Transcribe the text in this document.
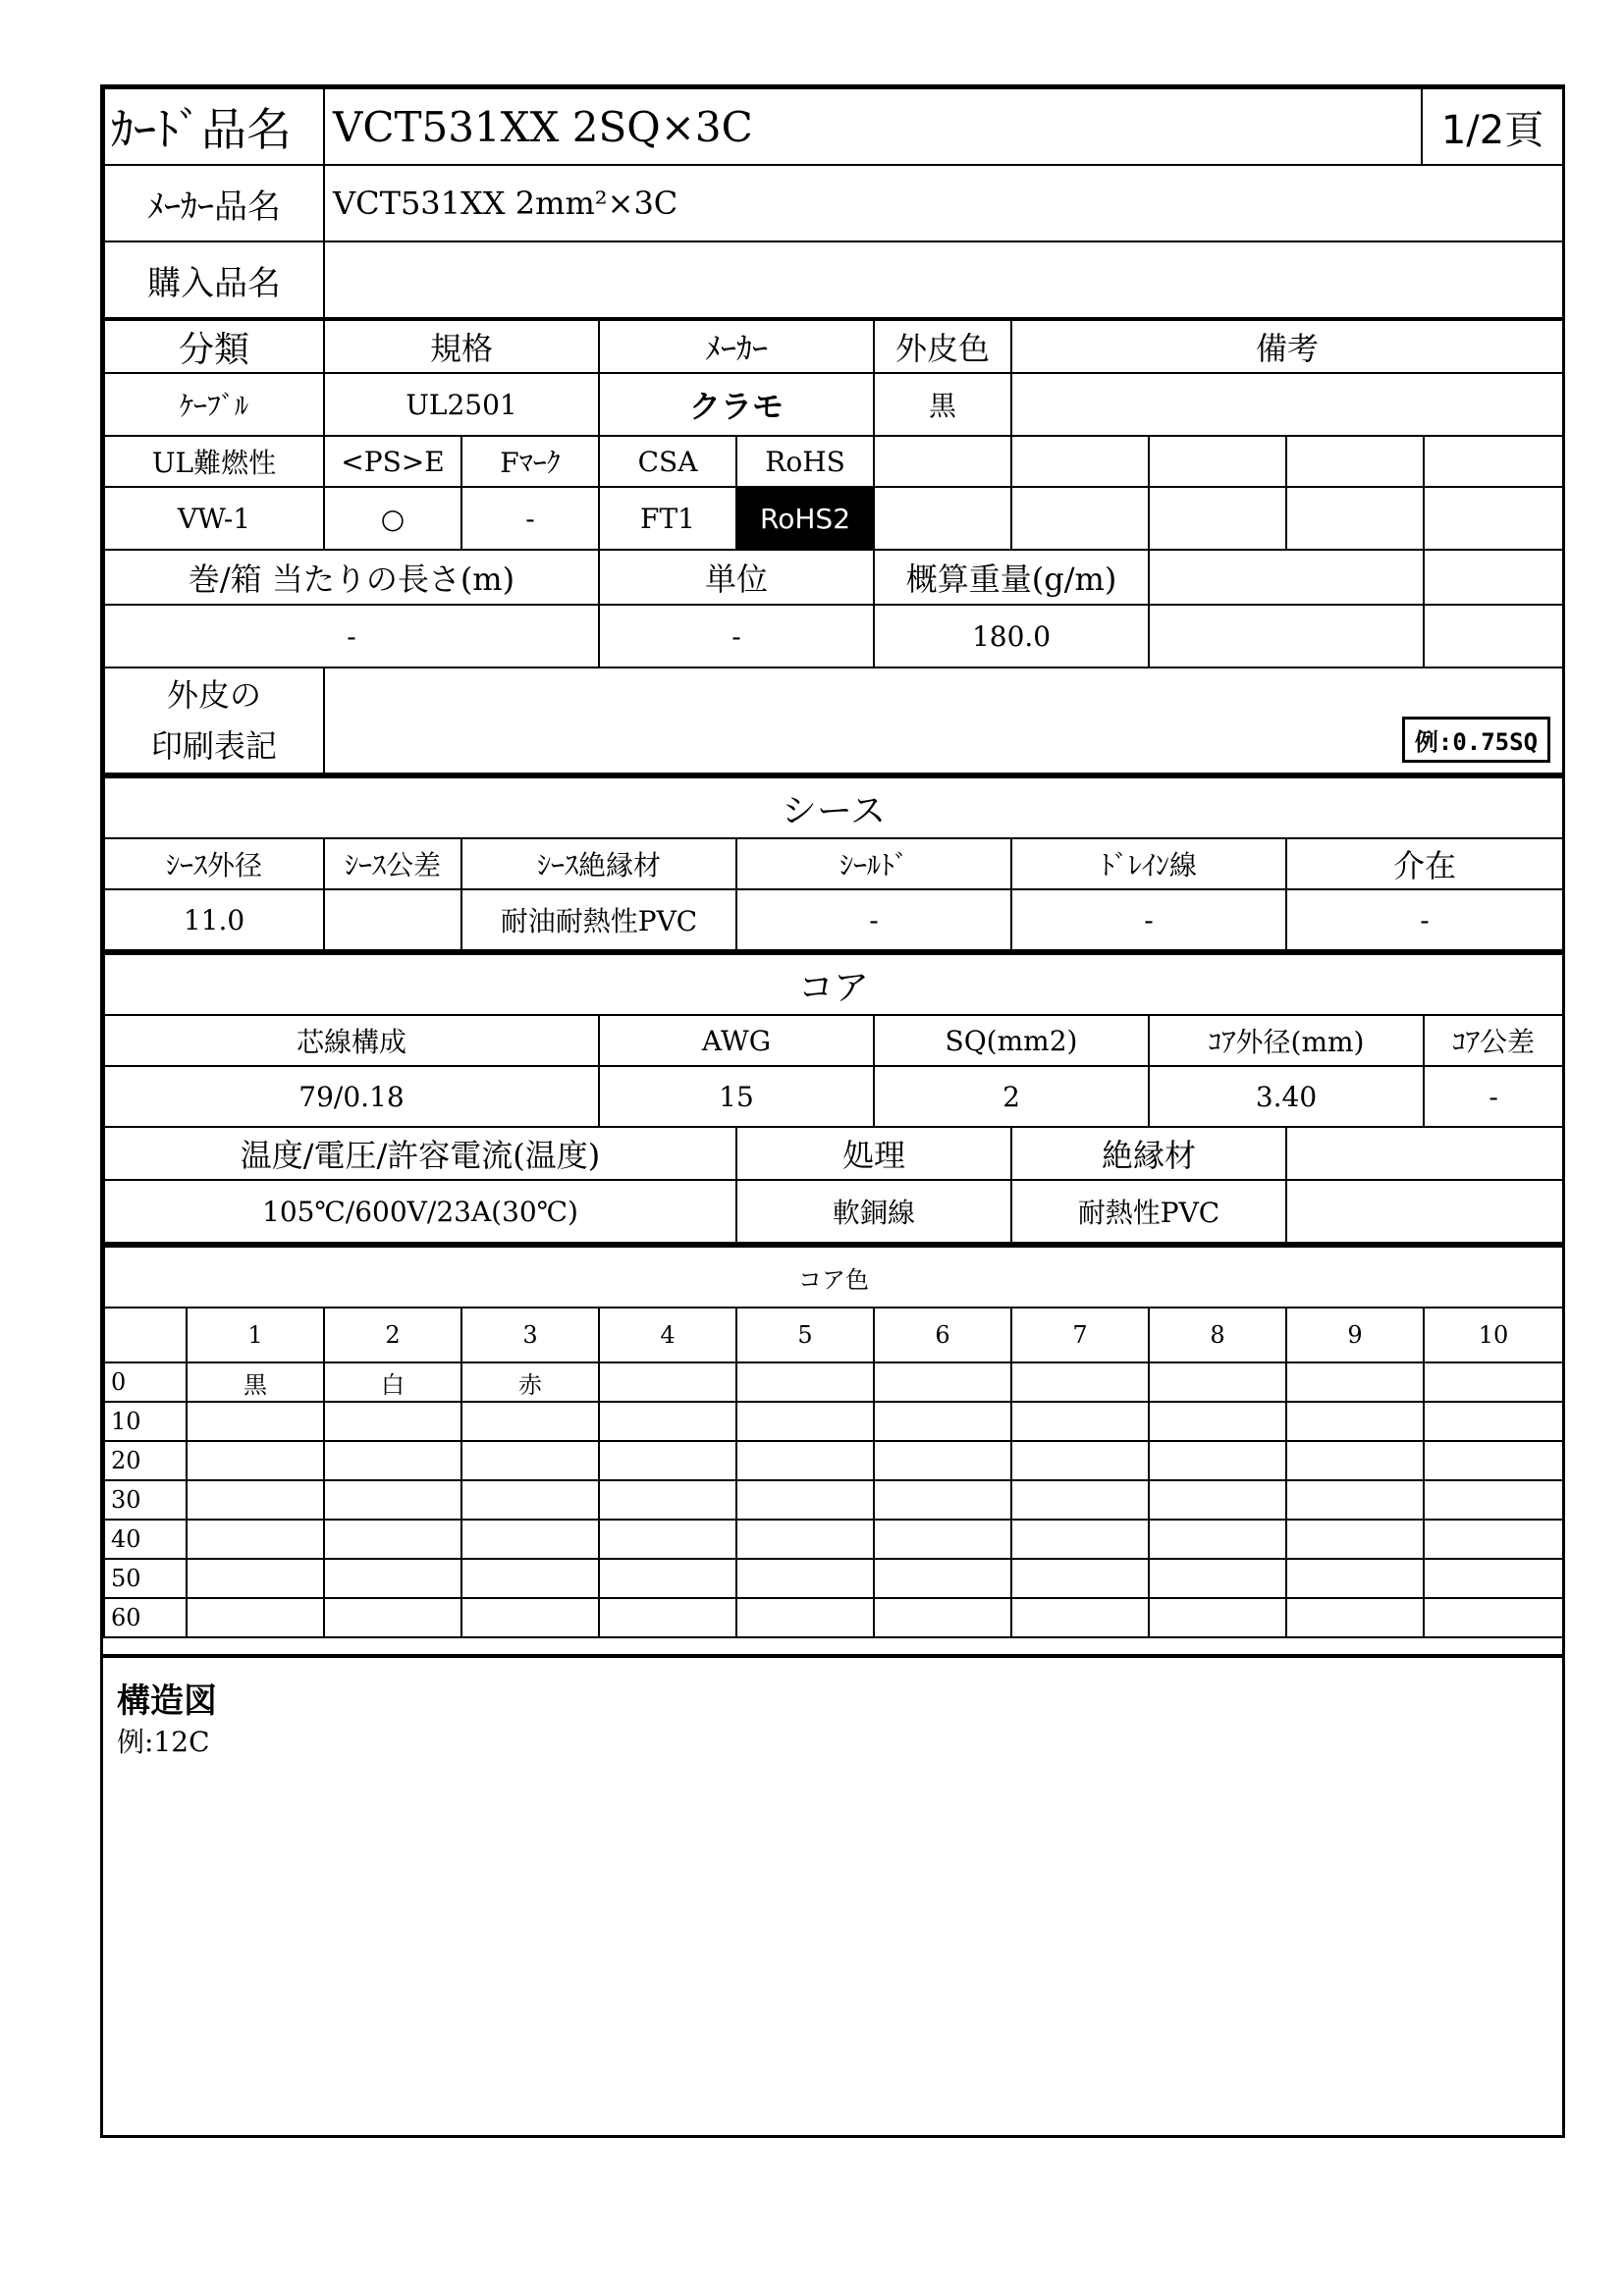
ｶｰﾄﾞ品名	VCT531XX 2SQ×3C	1/2頁
ﾒｰｶｰ品名	VCT531XX 2mm²×3C	
購入品名		
分類	規格		ﾒｰｶｰ		外皮色	備考			
ｹｰﾌﾞﾙ	UL2501		クラモ		黒				
UL難燃性	<PS>E	Fﾏｰｸ	CSA	RoHS					
VW-1	○	-	FT1	RoHS2					
巻/箱 当たりの長さ(m)			単位		概算重量(g/m)				
-			-		180.0				

外皮の
印刷表記	例:0.75SQ								
シース					
ｼｰｽ外径	ｼｰｽ公差	ｼｰｽ絶縁材	ｼｰﾙﾄﾞ	ﾄﾞﾚｲﾝ線	介在
11.0		耐油耐熱性PVC	-	-	-
コア							
芯線構成	AWG		SQ(mm2)		ｺｱ外径(mm)		ｺｱ公差
79/0.18	15		2		3.40		-
温度/電圧/許容電流(温度)		処理		絶縁材			
105℃/600V/23A(30℃)		軟銅線		耐熱性PVC			
コア色										
	1	2	3	4	5	6	7	8	9	10
0	黒	白	赤							
10										
20										
30										
40										
50										
60										
構造図
例:12C
